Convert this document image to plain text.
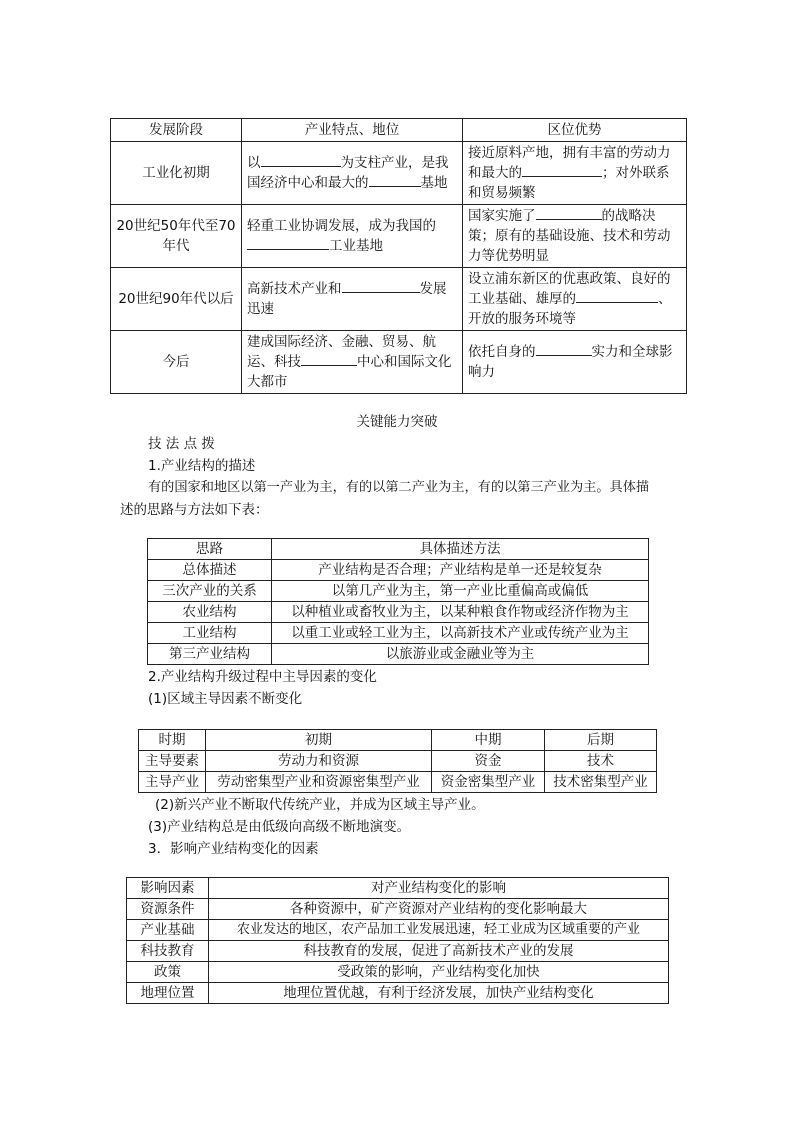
发展阶段	产业特点、地位	区位优势
工业化初期	以 为支柱产业，是我国经济中心和最大的 基地	接近原料产地，拥有丰富的劳动力和最大的 ；对外联系和贸易频繁
20世纪50年代至70年代	轻重工业协调发展，成为我国的工业基地	国家实施了 的战略决策；原有的基础设施、技术和劳动力等优势明显
20世纪90年代以后	高新技术产业和 发展迅速	设立浦东新区的优惠政策、良好的工业基础、雄厚的 、开放的服务环境等
今后	建成国际经济、金融、贸易、航运、科技 中心和国际文化大都市	依托自身的 实力和全球影响力
关键能力突破
技 法 点 拨
1.产业结构的描述
有的国家和地区以第一产业为主，有的以第二产业为主，有的以第三产业为主。具体描
述的思路与方法如下表：
思路	具体描述方法
总体描述	产业结构是否合理；产业结构是单一还是较复杂
三次产业的关系	以第几产业为主，第一产业比重偏高或偏低
农业结构	以种植业或畜牧业为主，以某种粮食作物或经济作物为主
工业结构	以重工业或轻工业为主，以高新技术产业或传统产业为主
第三产业结构	以旅游业或金融业等为主
2.产业结构升级过程中主导因素的变化
(1)区域主导因素不断变化
时期	初期	中期	后期
主导要素	劳动力和资源	资金	技术
主导产业	劳动密集型产业和资源密集型产业	资金密集型产业	技术密集型产业
(2)新兴产业不断取代传统产业，并成为区域主导产业。
(3)产业结构总是由低级向高级不断地演变。
3．影响产业结构变化的因素
影响因素	对产业结构变化的影响
资源条件	各种资源中，矿产资源对产业结构的变化影响最大
产业基础	农业发达的地区，农产品加工业发展迅速，轻工业成为区域重要的产业
科技教育	科技教育的发展，促进了高新技术产业的发展
政策	受政策的影响，产业结构变化加快
地理位置	地理位置优越，有利于经济发展，加快产业结构变化
